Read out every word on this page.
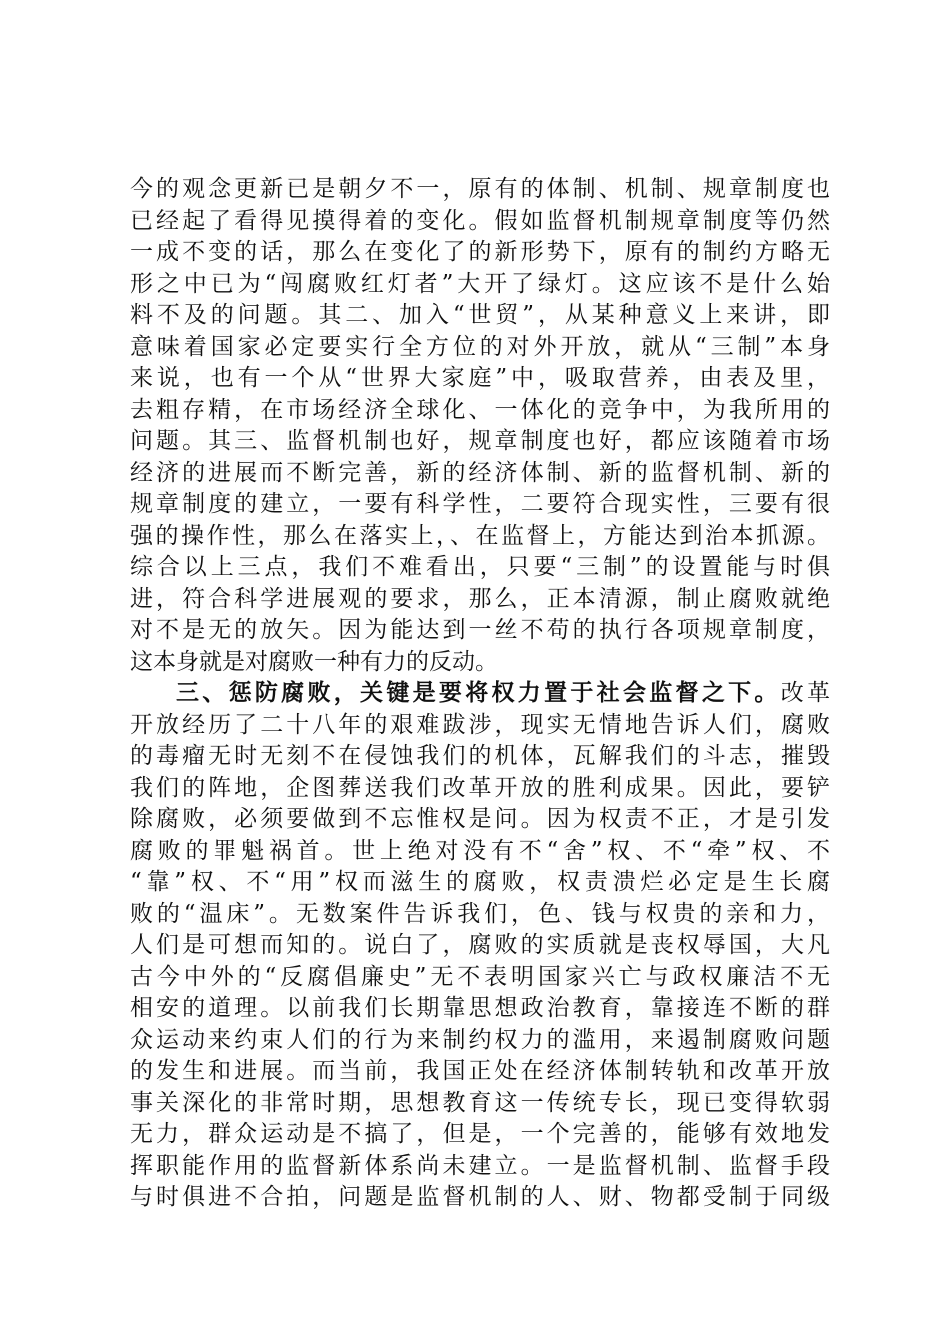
今的观念更新已是朝夕不一，原有的体制、机制、规章制度也
已经起了看得见摸得着的变化。假如监督机制规章制度等仍然
一成不变的话，那么在变化了的新形势下，原有的制约方略无
形之中已为“闯腐败红灯者”大开了绿灯。这应该不是什么始
料不及的问题。其二、加入“世贸”，从某种意义上来讲，即
意味着国家必定要实行全方位的对外开放，就从“三制”本身
来说，也有一个从“世界大家庭”中，吸取营养，由表及里，
去粗存精，在市场经济全球化、一体化的竞争中，为我所用的
问题。其三、监督机制也好，规章制度也好，都应该随着市场
经济的进展而不断完善，新的经济体制、新的监督机制、新的
规章制度的建立，一要有科学性，二要符合现实性，三要有很
强的操作性，那么在落实上，、在监督上，方能达到治本抓源。
综合以上三点，我们不难看出，只要“三制”的设置能与时俱
进，符合科学进展观的要求，那么，正本清源，制止腐败就绝
对不是无的放矢。因为能达到一丝不苟的执行各项规章制度，
这本身就是对腐败一种有力的反动。
三、惩防腐败，关键是要将权力置于社会监督之下。改革
开放经历了二十八年的艰难跋涉，现实无情地告诉人们，腐败
的毒瘤无时无刻不在侵蚀我们的机体，瓦解我们的斗志，摧毁
我们的阵地，企图葬送我们改革开放的胜利成果。因此，要铲
除腐败，必须要做到不忘惟权是问。因为权责不正，才是引发
腐败的罪魁祸首。世上绝对没有不“舍”权、不“牵”权、不
“靠”权、不“用”权而滋生的腐败，权责溃烂必定是生长腐
败的“温床”。无数案件告诉我们，色、钱与权贵的亲和力，
人们是可想而知的。说白了，腐败的实质就是丧权辱国，大凡
古今中外的“反腐倡廉史”无不表明国家兴亡与政权廉洁不无
相安的道理。以前我们长期靠思想政治教育，靠接连不断的群
众运动来约束人们的行为来制约权力的滥用，来遏制腐败问题
的发生和进展。而当前，我国正处在经济体制转轨和改革开放
事关深化的非常时期，思想教育这一传统专长，现已变得软弱
无力，群众运动是不搞了，但是，一个完善的，能够有效地发
挥职能作用的监督新体系尚未建立。一是监督机制、监督手段
与时俱进不合拍，问题是监督机制的人、财、物都受制于同级
